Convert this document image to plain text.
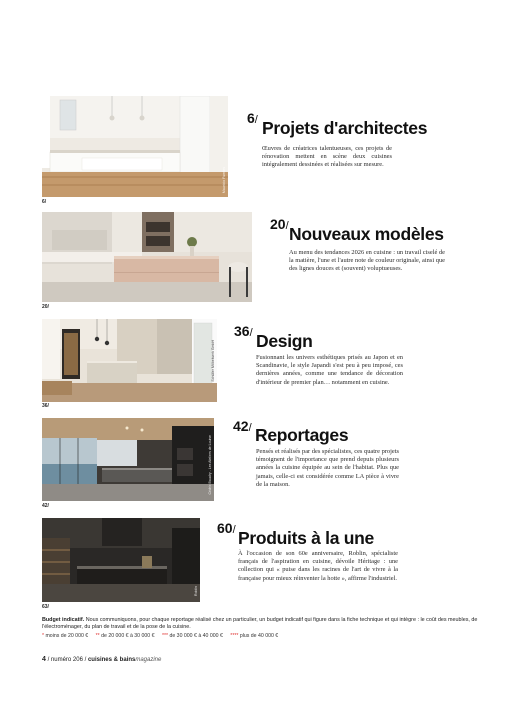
Mauricio Fuertes
6/
6/ Projets d'architectes
Œuvres de créatrices talentueuses, ces projets de rénovation mettent en scène deux cuisines intégralement dessinées et réalisées sur mesure.
20/
20/ Nouveaux modèles
Au menu des tendances 2026 en cuisine : un travail ciselé de la matière, l'une et l'autre note de couleur originale, ainsi que des lignes douces et (souvent) voluptueuses.
Schüller Möbelwerk GmbH
36/
36/ Design
Fusionnant les univers esthétiques prisés au Japon et en Scandinavie, le style Japandi s'est peu à peu imposé, ces dernières années, comme une tendance de décoration d'intérieur de premier plan… notamment en cuisine.
Cédric Baudry - Les Ateliers de Louise
42/
42/ Reportages
Pensés et réalisés par des spécialistes, ces quatre projets témoignent de l'importance que prend depuis plusieurs années la cuisine équipée au sein de l'habitat. Plus que jamais, celle-ci est considérée comme LA pièce à vivre de la maison.
Roblin
63/
60/ Produits à la une
À l'occasion de son 60e anniversaire, Roblin, spécialiste français de l'aspiration en cuisine, dévoile Héritage : une collection qui « puise dans les racines de l'art de vivre à la française pour mieux réinventer la hotte », affirme l'industriel.
Budget indicatif. Nous communiquons, pour chaque reportage réalisé chez un particulier, un budget indicatif qui figure dans la fiche technique et qui intègre : le coût des meubles, de l'électroménager, du plan de travail et de la pose de la cuisine.
* moins de 20 000 € ** de 20 000 € à 30 000 € *** de 30 000 € à 40 000 € **** plus de 40 000 €
4 / numéro 206 / cuisines & bainsmagazine
